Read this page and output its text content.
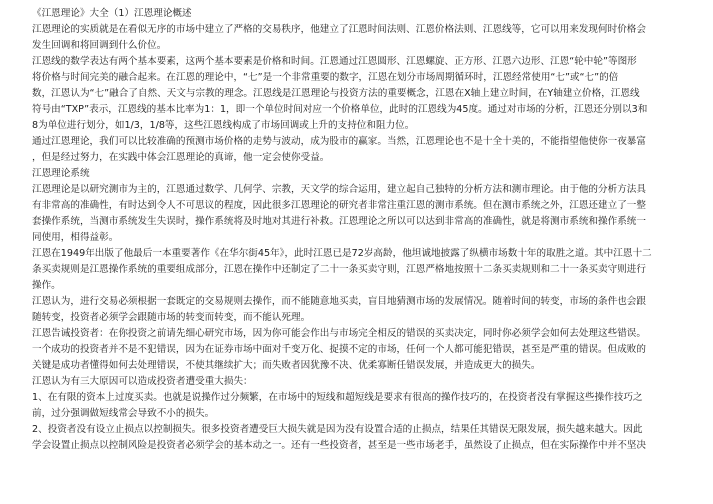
《江恩理论》大全（1）江恩理论概述
江恩理论的实质就是在看似无序的市场中建立了严格的交易秩序，他建立了江恩时间法则、江恩价格法则、江恩线等，它可以用来发现何时价格会
发生回调和将回调到什么价位。
江恩线的数学表达有两个基本要素，这两个基本要素是价格和时间。江恩通过江恩圆形、江恩螺旋、正方形、江恩六边形、江恩“轮中轮”等图形
将价格与时间完美的融合起来。在江恩的理论中，“七”是一个非常重要的数字，江恩在划分市场周期循环时，江恩经常使用“七”或“七”的倍
数，江恩认为“七”融合了自然、天文与宗教的理念。江恩线是江恩理论与投资方法的重要概念，江恩在X轴上建立时间，在Y轴建立价格，江恩线
符号由“TXP”表示，江恩线的基本比率为1：1，即一个单位时间对应一个价格单位，此时的江恩线为45度。通过对市场的分析，江恩还分别以3和
8为单位进行划分，如1/3，1/8等，这些江恩线构成了市场回调或上升的支持位和阻力位。
通过江恩理论，我们可以比较准确的预测市场价格的走势与波动，成为股市的赢家。当然，江恩理论也不是十全十美的，不能指望他使你一夜暴富
，但是经过努力，在实践中体会江恩理论的真谛，他一定会使你受益。
江恩理论系统
江恩理论是以研究测市为主的，江恩通过数学、几何学、宗教，天文学的综合运用，建立起自己独特的分析方法和测市理论。由于他的分析方法具
有非常高的准确性，有时达到令人不可思议的程度，因此很多江恩理论的研究者非常注重江恩的测市系统。但在测市系统之外，江恩还建立了一整
套操作系统，当测市系统发生失误时，操作系统将及时地对其进行补救。江恩理论之所以可以达到非常高的准确性，就是将测市系统和操作系统一
同使用，相得益彰。
江恩在1949年出版了他最后一本重要著作《在华尔街45年》，此时江恩已是72岁高龄，他坦诚地披露了纵横市场数十年的取胜之道。其中江恩十二
条买卖规则是江恩操作系统的重要组成部分，江恩在操作中还制定了二十一条买卖守则，江恩严格地按照十二条买卖规则和二十一条买卖守则进行
操作。
江恩认为，进行交易必须根据一套既定的交易规则去操作，而不能随意地买卖，盲目地猜测市场的发展情况。随着时间的转变，市场的条件也会跟
随转变，投资者必须学会跟随市场的转变而转变，而不能认死理。
江恩告诫投资者：在你投资之前请先细心研究市场，因为你可能会作出与市场完全相反的错误的买卖决定，同时你必须学会如何去处理这些错误。
一个成功的投资者并不是不犯错误，因为在证券市场中面对千变万化、捉摸不定的市场，任何一个人都可能犯错误，甚至是严重的错误。但成败的
关键是成功者懂得如何去处理错误，不使其继续扩大；而失败者因犹豫不决、优柔寡断任错误发展，并造成更大的损失。
江恩认为有三大原因可以造成投资者遭受重大损失：
1、在有限的资本上过度买卖。也就是说操作过分频繁，在市场中的短线和超短线是要求有很高的操作技巧的，在投资者没有掌握这些操作技巧之
前，过分强调做短线常会导致不小的损失。
2、投资者没有设立止损点以控制损失。很多投资者遭受巨大损失就是因为没有设置合适的止损点，结果任其错误无限发展，损失越来越大。因此
学会设置止损点以控制风险是投资者必须学会的基本动之一。还有一些投资者，甚至是一些市场老手，虽然设了止损点，但在实际操作中并不坚决
